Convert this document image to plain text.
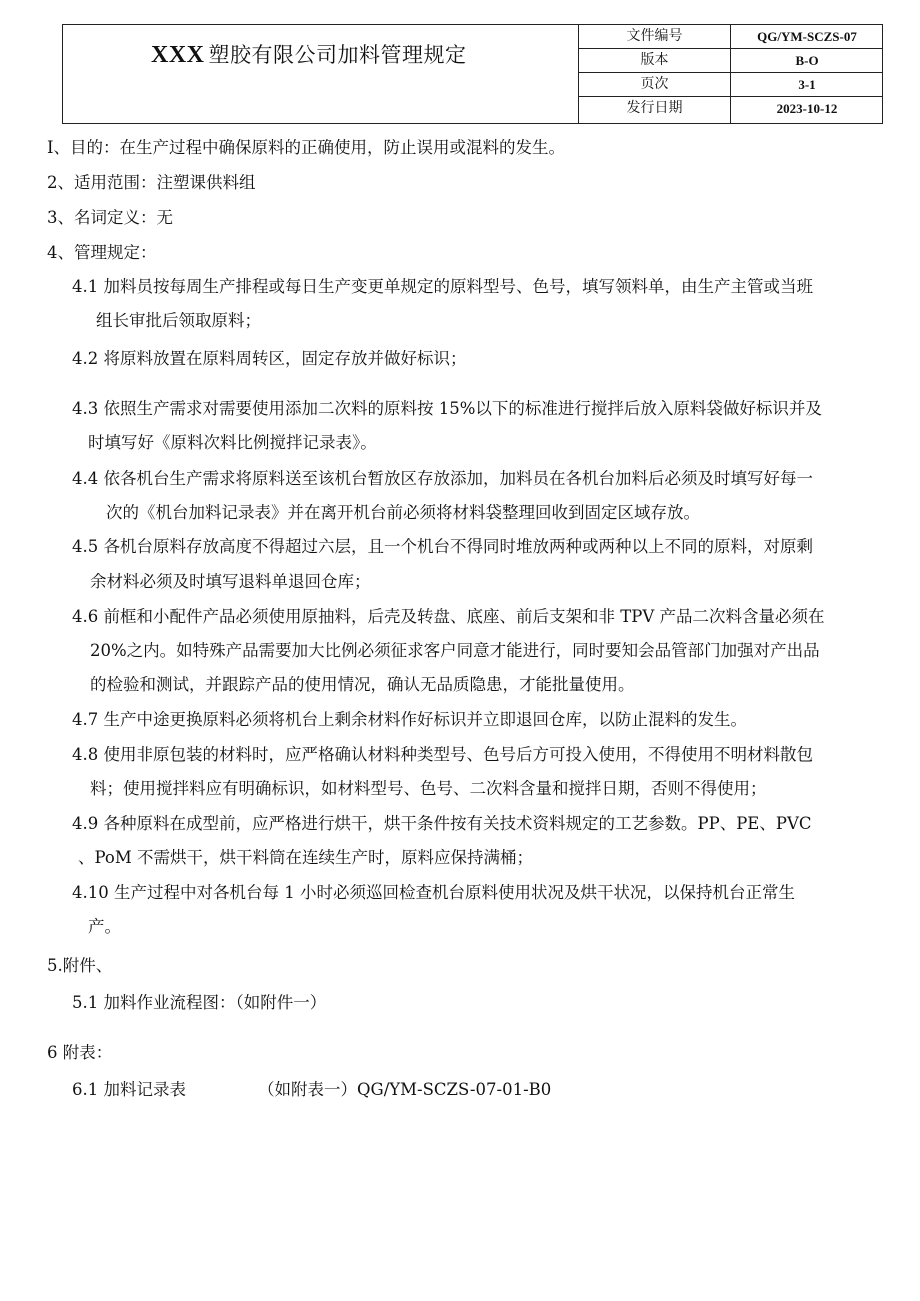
XXX 塑胶有限公司加料管理规定
文件编号	QG/YM-SCZS-07
版本	B-O
页次	3-1
发行日期	2023-10-12
I、目的：在生产过程中确保原料的正确使用，防止误用或混料的发生。
2、适用范围：注塑课供料组
3、名词定义：无
4、管理规定：
4.1 加料员按每周生产排程或每日生产变更单规定的原料型号、色号，填写领料单，由生产主管或当班
组长审批后领取原料；
4.2 将原料放置在原料周转区，固定存放并做好标识；
4.3 依照生产需求对需要使用添加二次料的原料按 15%以下的标准进行搅拌后放入原料袋做好标识并及
时填写好《原料次料比例搅拌记录表》。
4.4 依各机台生产需求将原料送至该机台暂放区存放添加，加料员在各机台加料后必须及时填写好每一
次的《机台加料记录表》并在离开机台前必须将材料袋整理回收到固定区域存放。
4.5 各机台原料存放高度不得超过六层，且一个机台不得同时堆放两种或两种以上不同的原料，对原剩
余材料必须及时填写退料单退回仓库；
4.6 前框和小配件产品必须使用原抽料，后壳及转盘、底座、前后支架和非 TPV 产品二次料含量必须在
20%之内。如特殊产品需要加大比例必须征求客户同意才能进行，同时要知会品管部门加强对产出品
的检验和测试，并跟踪产品的使用情况，确认无品质隐患，才能批量使用。
4.7 生产中途更换原料必须将机台上剩余材料作好标识并立即退回仓库，以防止混料的发生。
4.8 使用非原包装的材料时，应严格确认材料种类型号、色号后方可投入使用，不得使用不明材料散包
料；使用搅拌料应有明确标识，如材料型号、色号、二次料含量和搅拌日期，否则不得使用；
4.9 各种原料在成型前，应严格进行烘干，烘干条件按有关技术资料规定的工艺参数。PP、PE、PVC
、PoM 不需烘干，烘干料筒在连续生产时，原料应保持满桶；
4.10 生产过程中对各机台每 1 小时必须巡回检查机台原料使用状况及烘干状况，以保持机台正常生
产。
5.附件、
5.1 加料作业流程图：（如附件一）
6 附表：
6.1 加料记录表	（如附表一）QG/YM-SCZS-07-01-B0
